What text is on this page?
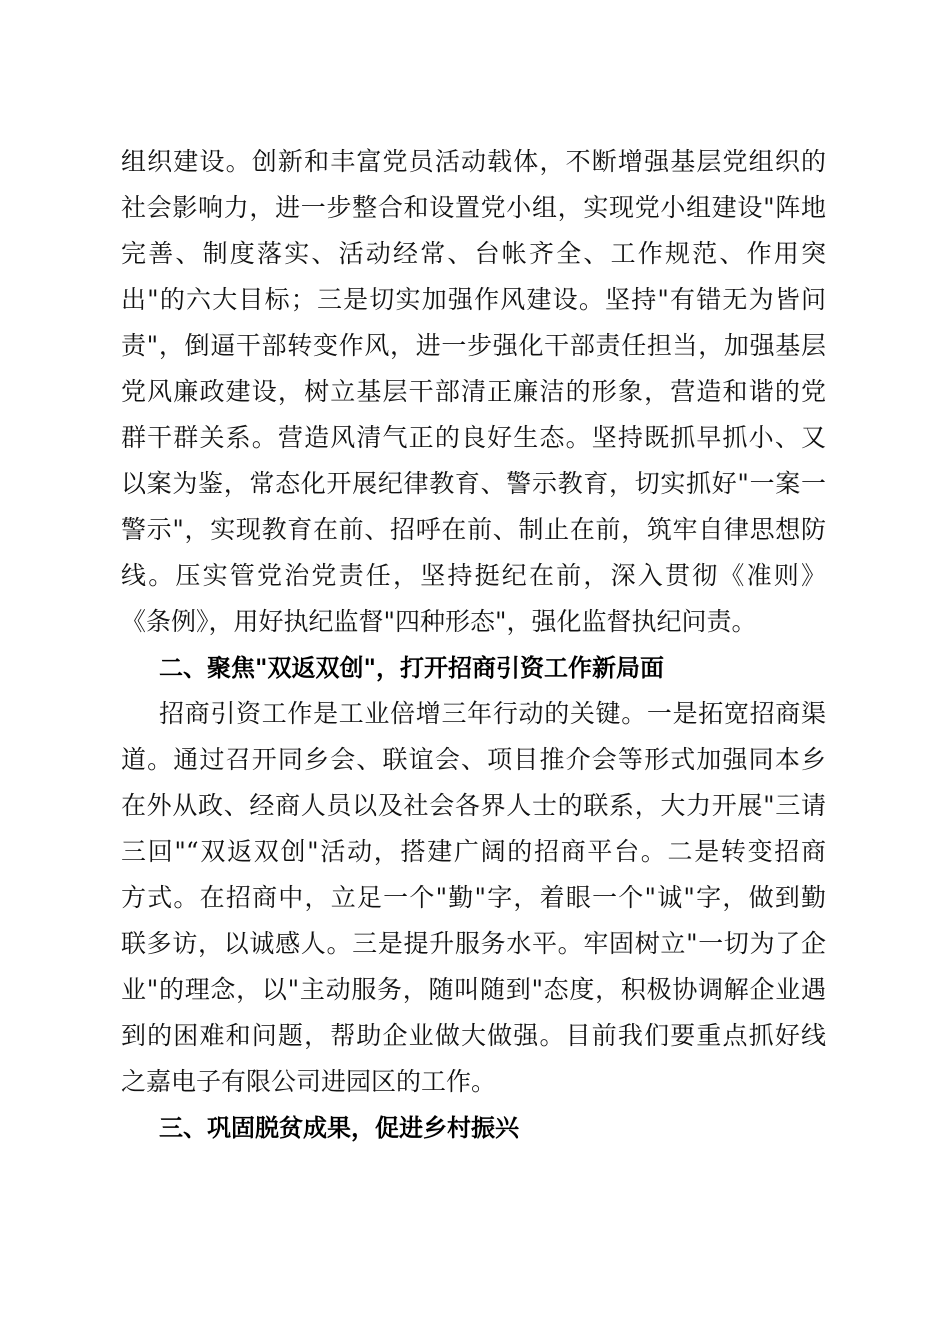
组织建设。创新和丰富党员活动载体，不断增强基层党组织的
社会影响力，进一步整合和设置党小组，实现党小组建设"阵地
完善、制度落实、活动经常、台帐齐全、工作规范、作用突
出"的六大目标；三是切实加强作风建设。坚持"有错无为皆问
责"，倒逼干部转变作风，进一步强化干部责任担当，加强基层
党风廉政建设，树立基层干部清正廉洁的形象，营造和谐的党
群干群关系。营造风清气正的良好生态。坚持既抓早抓小、又
以案为鉴，常态化开展纪律教育、警示教育，切实抓好"一案一
警示"，实现教育在前、招呼在前、制止在前，筑牢自律思想防
线。压实管党治党责任，坚持挺纪在前，深入贯彻《准则》
《条例》，用好执纪监督"四种形态"，强化监督执纪问责。
二、聚焦"双返双创"，打开招商引资工作新局面
招商引资工作是工业倍增三年行动的关键。一是拓宽招商渠
道。通过召开同乡会、联谊会、项目推介会等形式加强同本乡
在外从政、经商人员以及社会各界人士的联系，大力开展"三请
三回"“双返双创"活动，搭建广阔的招商平台。二是转变招商
方式。在招商中，立足一个"勤"字，着眼一个"诚"字，做到勤
联多访，以诚感人。三是提升服务水平。牢固树立"一切为了企
业"的理念，以"主动服务，随叫随到"态度，积极协调解企业遇
到的困难和问题，帮助企业做大做强。目前我们要重点抓好线
之嘉电子有限公司进园区的工作。
三、巩固脱贫成果，促进乡村振兴
